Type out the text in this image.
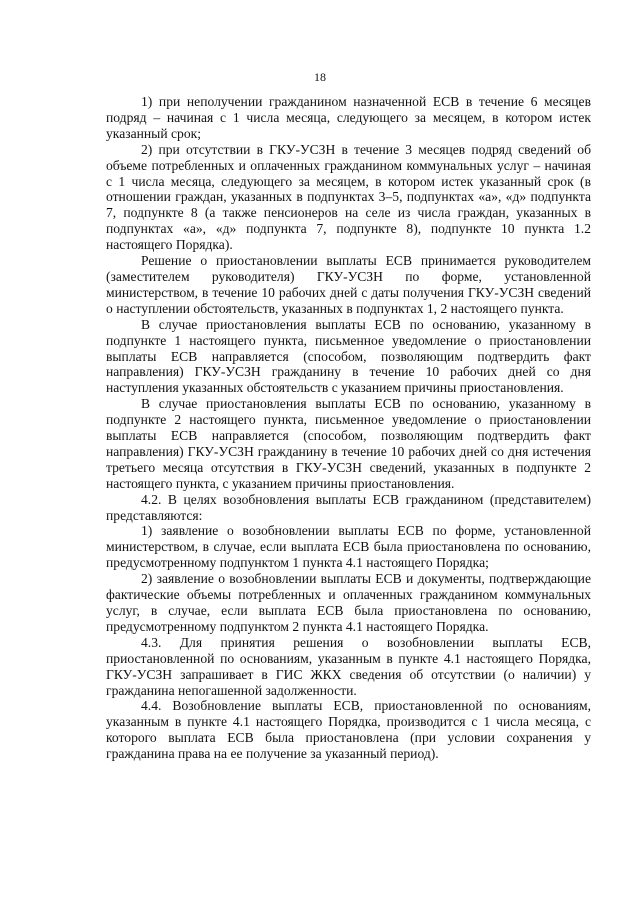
18

1) при неполучении гражданином назначенной ЕСВ в течение 6 месяцев подряд – начиная с 1 числа месяца, следующего за месяцем, в котором истек указанный срок;

2) при отсутствии в ГКУ-УСЗН в течение 3 месяцев подряд сведений об объеме потребленных и оплаченных гражданином коммунальных услуг – начиная с 1 числа месяца, следующего за месяцем, в котором истек указанный срок (в отношении граждан, указанных в подпунктах 3–5, подпунктах «а», «д» подпункта 7, подпункте 8 (а также пенсионеров на селе из числа граждан, указанных в подпунктах «а», «д» подпункта 7, подпункте 8), подпункте 10 пункта 1.2 настоящего Порядка).

Решение о приостановлении выплаты ЕСВ принимается руководителем (заместителем руководителя) ГКУ-УСЗН по форме, установленной министерством, в течение 10 рабочих дней с даты получения ГКУ-УСЗН сведений о наступлении обстоятельств, указанных в подпунктах 1, 2 настоящего пункта.

В случае приостановления выплаты ЕСВ по основанию, указанному в подпункте 1 настоящего пункта, письменное уведомление о приостановлении выплаты ЕСВ направляется (способом, позволяющим подтвердить факт направления) ГКУ-УСЗН гражданину в течение 10 рабочих дней со дня наступления указанных обстоятельств с указанием причины приостановления.

В случае приостановления выплаты ЕСВ по основанию, указанному в подпункте 2 настоящего пункта, письменное уведомление о приостановлении выплаты ЕСВ направляется (способом, позволяющим подтвердить факт направления) ГКУ-УСЗН гражданину в течение 10 рабочих дней со дня истечения третьего месяца отсутствия в ГКУ-УСЗН сведений, указанных в подпункте 2 настоящего пункта, с указанием причины приостановления.

4.2. В целях возобновления выплаты ЕСВ гражданином (представителем) представляются:

1) заявление о возобновлении выплаты ЕСВ по форме, установленной министерством, в случае, если выплата ЕСВ была приостановлена по основанию, предусмотренному подпунктом 1 пункта 4.1 настоящего Порядка;

2) заявление о возобновлении выплаты ЕСВ и документы, подтверждающие фактические объемы потребленных и оплаченных гражданином коммунальных услуг, в случае, если выплата ЕСВ была приостановлена по основанию, предусмотренному подпунктом 2 пункта 4.1 настоящего Порядка.

4.3. Для принятия решения о возобновлении выплаты ЕСВ, приостановленной по основаниям, указанным в пункте 4.1 настоящего Порядка, ГКУ-УСЗН запрашивает в ГИС ЖКХ сведения об отсутствии (о наличии) у гражданина непогашенной задолженности.

4.4. Возобновление выплаты ЕСВ, приостановленной по основаниям, указанным в пункте 4.1 настоящего Порядка, производится с 1 числа месяца, с которого выплата ЕСВ была приостановлена (при условии сохранения у гражданина права на ее получение за указанный период).
